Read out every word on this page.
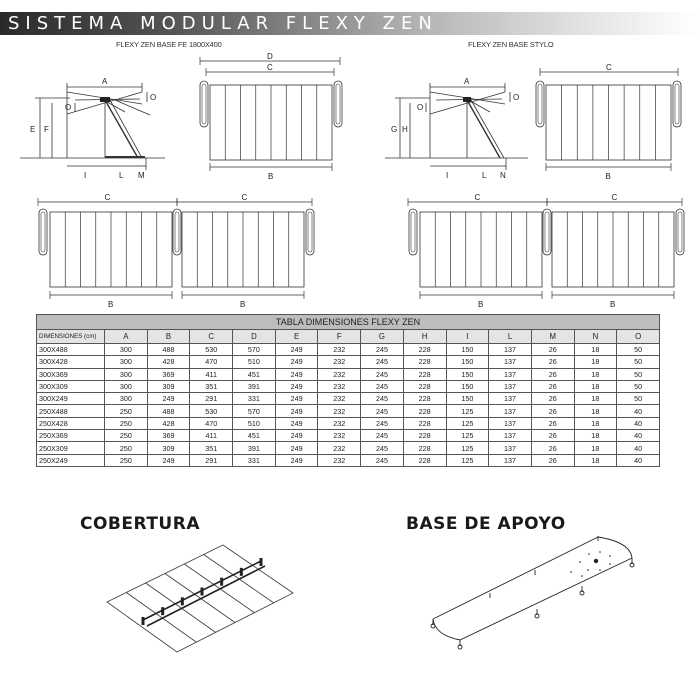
SISTEMA MODULAR FLEXY ZEN
FLEXY ZEN BASE FE 1800X400	FLEXY ZEN BASE STYLO
A
O
O
E F
I	L M
D
C
B
A
O
O
G H
I	L N
C
B
C	C
B	B
C	C
B	B
TABLA DIMENSIONES FLEXY ZEN													
DIMENSIONES (cm)	A	B	C	D	E	F	G	H	I	L	M	N	O
300X488	300	488	530	570	249	232	245	228	150	137	26	18	50
300X428	300	428	470	510	249	232	245	228	150	137	26	18	50
300X369	300	369	411	451	249	232	245	228	150	137	26	18	50
300X309	300	309	351	391	249	232	245	228	150	137	26	18	50
300X249	300	249	291	331	249	232	245	228	150	137	26	18	50
250X488	250	488	530	570	249	232	245	228	125	137	26	18	40
250X428	250	428	470	510	249	232	245	228	125	137	26	18	40
250X369	250	369	411	451	249	232	245	228	125	137	26	18	40
250X309	250	309	351	391	249	232	245	228	125	137	26	18	40
250X249	250	249	291	331	249	232	245	228	125	137	26	18	40
COBERTURA	BASE DE APOYO
